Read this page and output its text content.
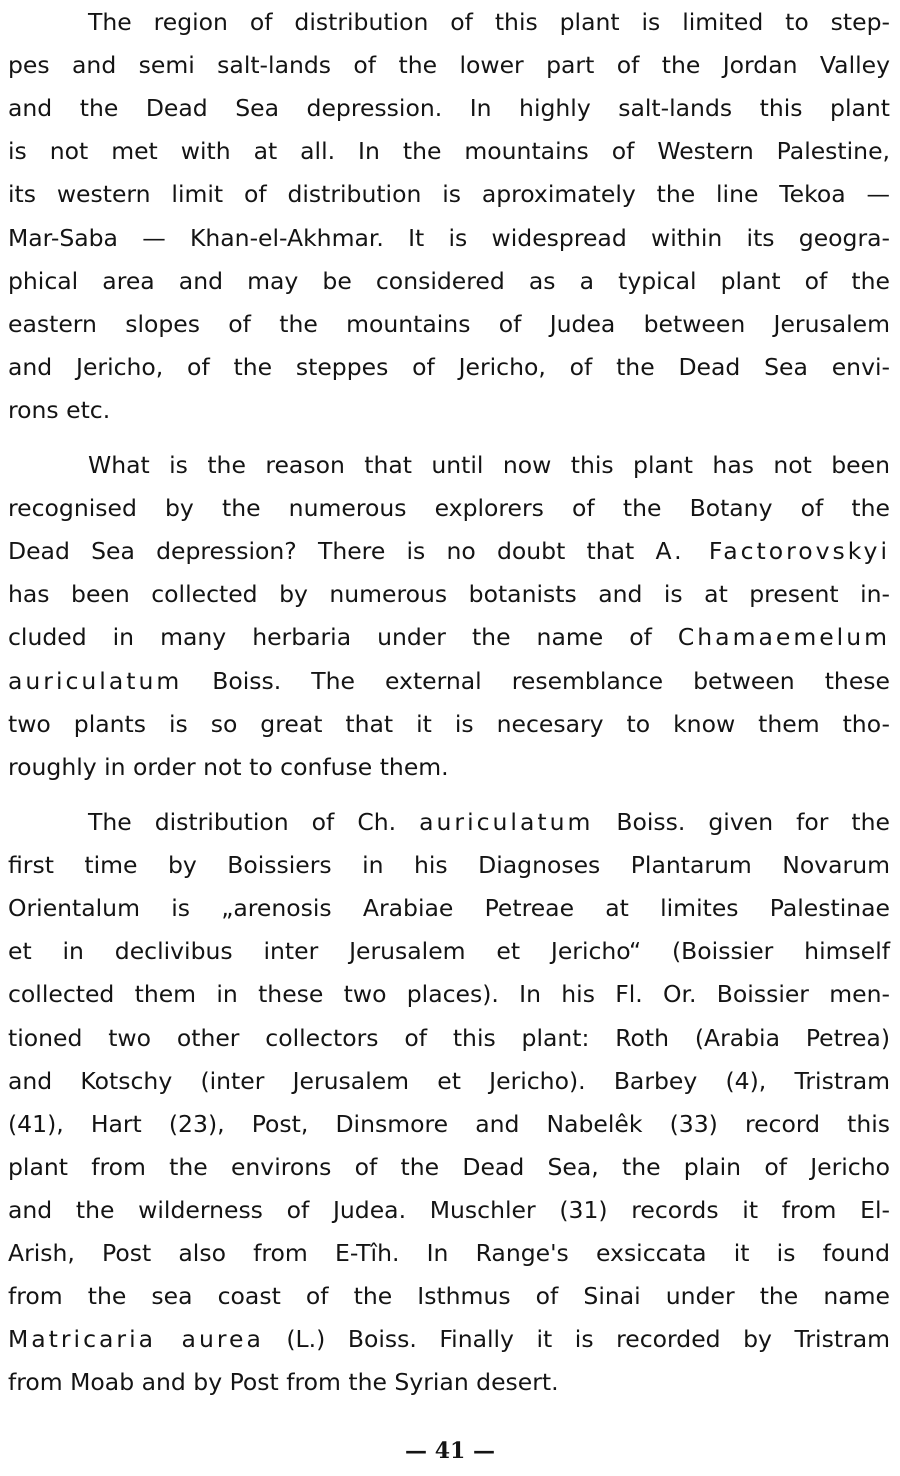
The region of distribution of this plant is limited to step-
pes and semi salt-lands of the lower part of the Jordan Valley
and the Dead Sea depression. In highly salt-lands this plant
is not met with at all. In the mountains of Western Palestine,
its western limit of distribution is aproximately the line Tekoa —
Mar-Saba — Khan-el-Akhmar. It is widespread within its geogra-
phical area and may be considered as a typical plant of the
eastern slopes of the mountains of Judea between Jerusalem
and Jericho, of the steppes of Jericho, of the Dead Sea envi-
rons etc.
What is the reason that until now this plant has not been
recognised by the numerous explorers of the Botany of the
Dead Sea depression? There is no doubt that A. Factorovskyi
has been collected by numerous botanists and is at present in-
cluded in many herbaria under the name of Chamaemelum
auriculatum Boiss. The external resemblance between these
two plants is so great that it is necesary to know them tho-
roughly in order not to confuse them.
The distribution of Ch. auriculatum Boiss. given for the
first time by Boissiers in his Diagnoses Plantarum Novarum
Orientalum is „arenosis Arabiae Petreae at limites Palestinae
et in declivibus inter Jerusalem et Jericho“ (Boissier himself
collected them in these two places). In his Fl. Or. Boissier men-
tioned two other collectors of this plant: Roth (Arabia Petrea)
and Kotschy (inter Jerusalem et Jericho). Barbey (4), Tristram
(41), Hart (23), Post, Dinsmore and Nabelêk (33) record this
plant from the environs of the Dead Sea, the plain of Jericho
and the wilderness of Judea. Muschler (31) records it from El-
Arish, Post also from E-Tîh. In Range's exsiccata it is found
from the sea coast of the Isthmus of Sinai under the name
Matricaria aurea (L.) Boiss. Finally it is recorded by Tristram
from Moab and by Post from the Syrian desert.
— 41 —
